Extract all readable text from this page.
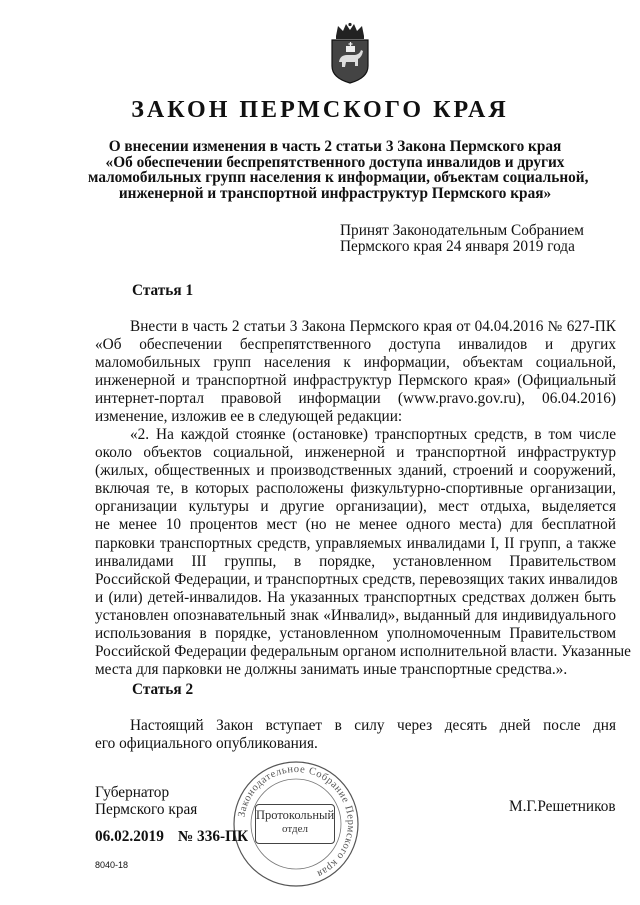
ЗАКОН ПЕРМСКОГО КРАЯ
О внесении изменения в часть 2 статьи 3 Закона Пермского края
«Об обеспечении беспрепятственного доступа инвалидов и других
маломобильных групп населения к информации, объектам социальной,
инженерной и транспортной инфраструктур Пермского края»
Принят Законодательным Собранием
Пермского края 24 января 2019 года
Статья 1
Внести в часть 2 статьи 3 Закона Пермского края от 04.04.2016 № 627-ПК
«Об обеспечении беспрепятственного доступа инвалидов и других
маломобильных групп населения к информации, объектам социальной,
инженерной и транспортной инфраструктур Пермского края» (Официальный
интернет-портал правовой информации (www.pravo.gov.ru), 06.04.2016)
изменение, изложив ее в следующей редакции:
«2. На каждой стоянке (остановке) транспортных средств, в том числе
около объектов социальной, инженерной и транспортной инфраструктур
(жилых, общественных и производственных зданий, строений и сооружений,
включая те, в которых расположены физкультурно-спортивные организации,
организации культуры и другие организации), мест отдыха, выделяется
не менее 10 процентов мест (но не менее одного места) для бесплатной
парковки транспортных средств, управляемых инвалидами I, II групп, а также
инвалидами III группы, в порядке, установленном Правительством
Российской Федерации, и транспортных средств, перевозящих таких инвалидов
и (или) детей-инвалидов. На указанных транспортных средствах должен быть
установлен опознавательный знак «Инвалид», выданный для индивидуального
использования в порядке, установленном уполномоченным Правительством
Российской Федерации федеральным органом исполнительной власти. Указанные
места для парковки не должны занимать иные транспортные средства.».
Статья 2
Настоящий Закон вступает в силу через десять дней после дня
его официального опубликования.
Законодательное Собрание Пермского края
Протокольный
отдел
Губернатор
Пермского края	М.Г.Решетников
06.02.2019 № 336-ПК
8040-18
